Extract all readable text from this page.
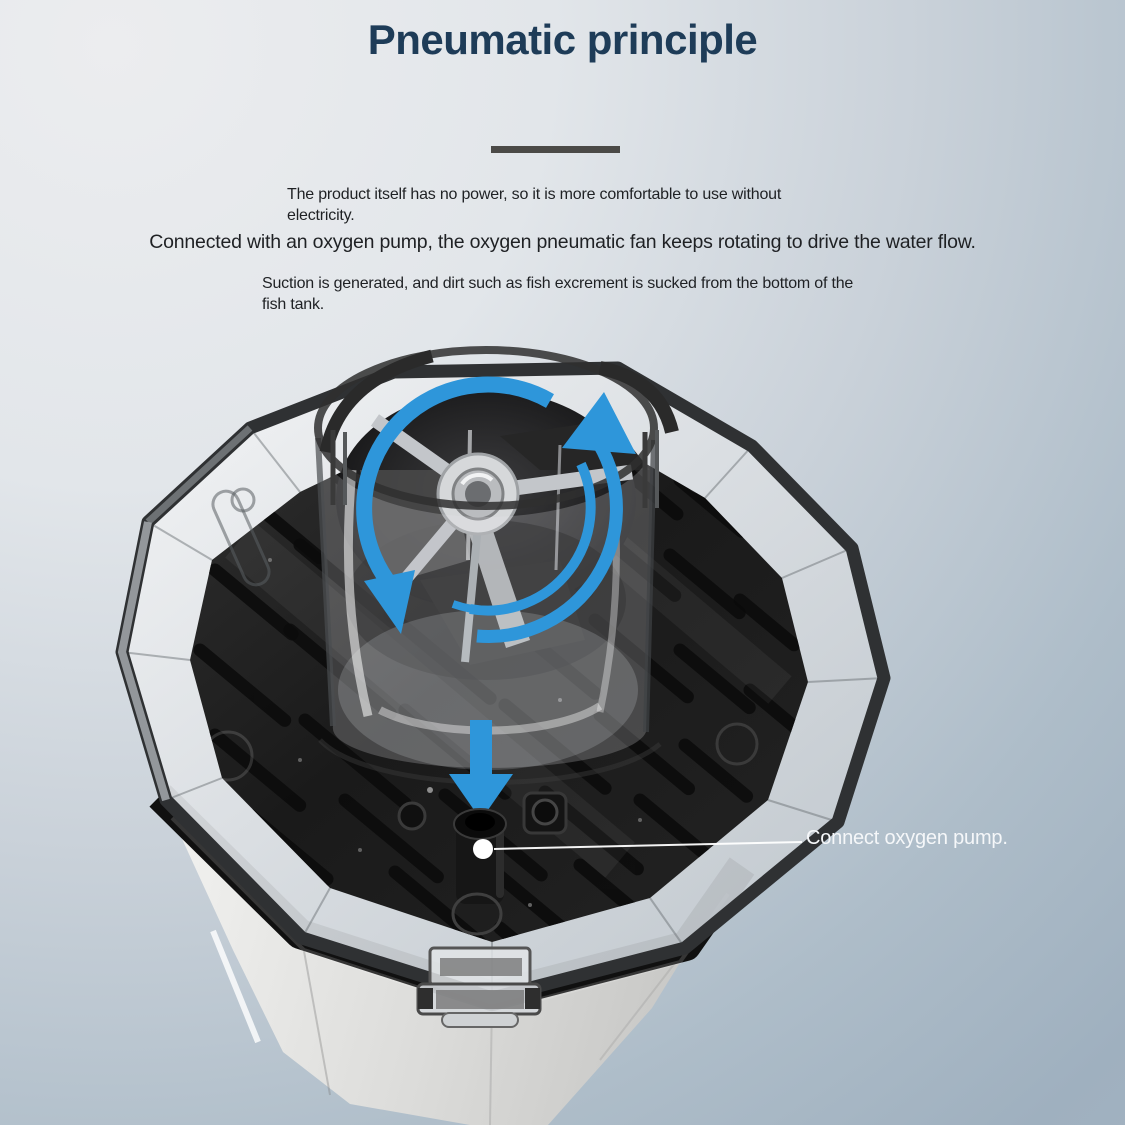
Pneumatic principle
The product itself has no power, so it is more comfortable to use without electricity.
Connected with an oxygen pump, the oxygen pneumatic fan keeps rotating to drive the water flow.
Suction is generated, and dirt such as fish excrement is sucked from the bottom of the fish tank.
Connect oxygen pump.
